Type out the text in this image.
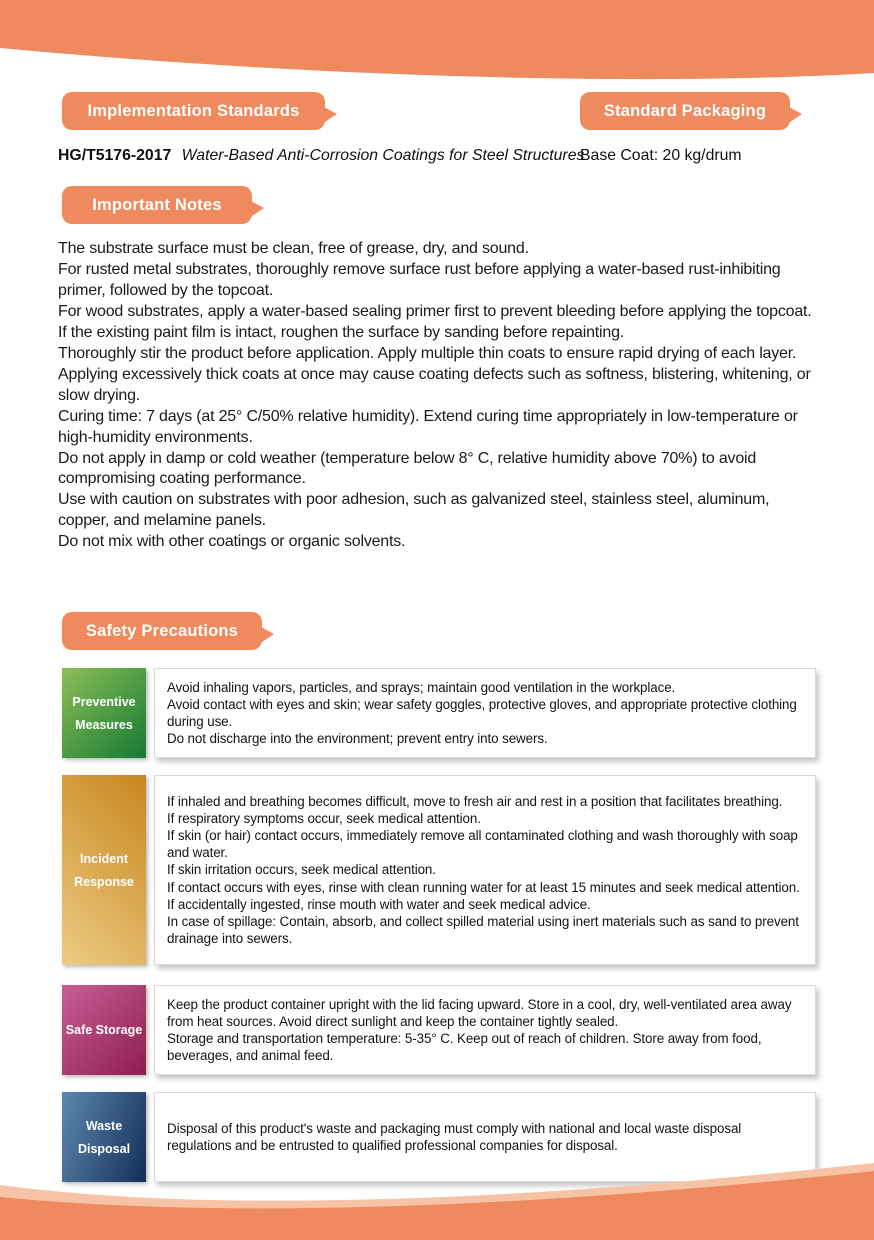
Implementation Standards	Standard Packaging
HG/T5176-2017 Water-Based Anti-Corrosion Coatings for Steel Structures
Base Coat: 20 kg/drum
Important Notes
The substrate surface must be clean, free of grease, dry, and sound.
For rusted metal substrates, thoroughly remove surface rust before applying a water-based rust-inhibiting primer, followed by the topcoat.
For wood substrates, apply a water-based sealing primer first to prevent bleeding before applying the topcoat.
If the existing paint film is intact, roughen the surface by sanding before repainting.
Thoroughly stir the product before application. Apply multiple thin coats to ensure rapid drying of each layer.
Applying excessively thick coats at once may cause coating defects such as softness, blistering, whitening, or slow drying.
Curing time: 7 days (at 25° C/50% relative humidity). Extend curing time appropriately in low-temperature or high-humidity environments.
Do not apply in damp or cold weather (temperature below 8° C, relative humidity above 70%) to avoid compromising coating performance.
Use with caution on substrates with poor adhesion, such as galvanized steel, stainless steel, aluminum, copper, and melamine panels.
Do not mix with other coatings or organic solvents.
Safety Precautions
Preventive
Measures
Avoid inhaling vapors, particles, and sprays; maintain good ventilation in the workplace.
Avoid contact with eyes and skin; wear safety goggles, protective gloves, and appropriate protective clothing during use.
Do not discharge into the environment; prevent entry into sewers.
Incident
Response
If inhaled and breathing becomes difficult, move to fresh air and rest in a position that facilitates breathing.
If respiratory symptoms occur, seek medical attention.
If skin (or hair) contact occurs, immediately remove all contaminated clothing and wash thoroughly with soap and water.
If skin irritation occurs, seek medical attention.
If contact occurs with eyes, rinse with clean running water for at least 15 minutes and seek medical attention.
If accidentally ingested, rinse mouth with water and seek medical advice.
In case of spillage: Contain, absorb, and collect spilled material using inert materials such as sand to prevent drainage into sewers.
Safe Storage
Keep the product container upright with the lid facing upward. Store in a cool, dry, well-ventilated area away from heat sources. Avoid direct sunlight and keep the container tightly sealed.
Storage and transportation temperature: 5-35° C. Keep out of reach of children. Store away from food, beverages, and animal feed.
Waste
Disposal
Disposal of this product's waste and packaging must comply with national and local waste disposal regulations and be entrusted to qualified professional companies for disposal.
